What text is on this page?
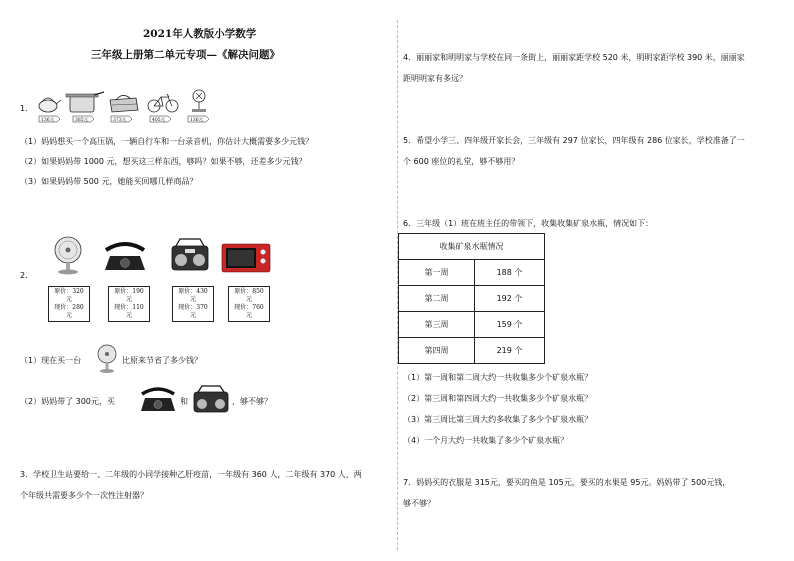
2021年人教版小学数学
三年级上册第二单元专项—《解决问题》
1．
136元	385元	373元	405元	136元
（1）妈妈想买一个高压锅，一辆自行车和一台录音机，你估计大概需要多少元钱？
（2）如果妈妈带 1000 元，想买这三样东西，够吗？如果不够，还差多少元钱？
（3）如果妈妈带 500 元，她能买回哪几样商品？
2．
原价：320 元
现价：280 元
原价：190 元
现价：110 元
原价：430 元
现价：370 元
原价：850 元
现价：760 元
（1）现在买一台	比原来节省了多少钱？
（2）妈妈带了 300元，买	和	，够不够？
3．学校卫生站要给一、二年级的小同学接种乙肝疫苗，一年级有 360 人，二年级有 370 人，两
个年级共需要多少个一次性注射器？
4．丽丽家和明明家与学校在同一条街上，丽丽家距学校 520 米，明明家距学校 390 米，丽丽家
距明明家有多远？
5．希望小学三、四年级开家长会，三年级有 297 位家长，四年级有 286 位家长，学校准备了一
个 600 座位的礼堂，够不够用？
6．三年级（1）班在班主任的带领下，收集收集矿泉水瓶，情况如下：
收集矿泉水瓶情况	
第一周	188 个
第二周	192 个
第三周	159 个
第四周	219 个
（1）第一周和第二周大约一共收集多少个矿泉水瓶？
（2）第三周和第四周大约一共收集多少个矿泉水瓶？
（3）第三周比第三周大约多收集了多少个矿泉水瓶？
（4）一个月大约一共收集了多少个矿泉水瓶？
7．妈妈买的衣服是 315元，要买的鱼是 105元，要买的水果是 95元。妈妈带了 500元钱，
够不够？
